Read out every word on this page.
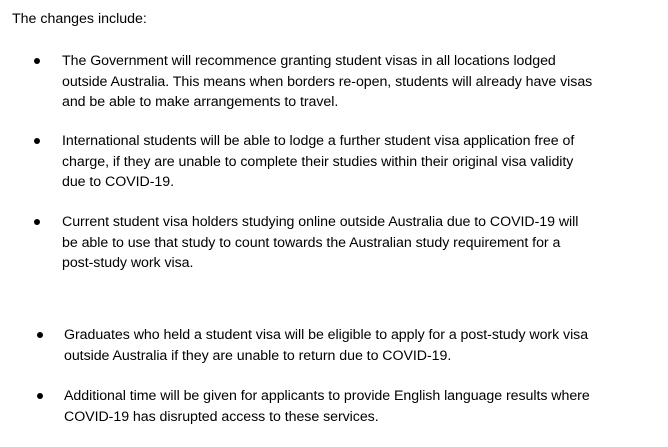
The changes include:

The Government will recommence granting student visas in all locations lodged
outside Australia. This means when borders re-open, students will already have visas
and be able to make arrangements to travel.
International students will be able to lodge a further student visa application free of
charge, if they are unable to complete their studies within their original visa validity
due to COVID-19.
Current student visa holders studying online outside Australia due to COVID-19 will
be able to use that study to count towards the Australian study requirement for a
post-study work visa.
Graduates who held a student visa will be eligible to apply for a post-study work visa
outside Australia if they are unable to return due to COVID-19.
Additional time will be given for applicants to provide English language results where
COVID-19 has disrupted access to these services.
